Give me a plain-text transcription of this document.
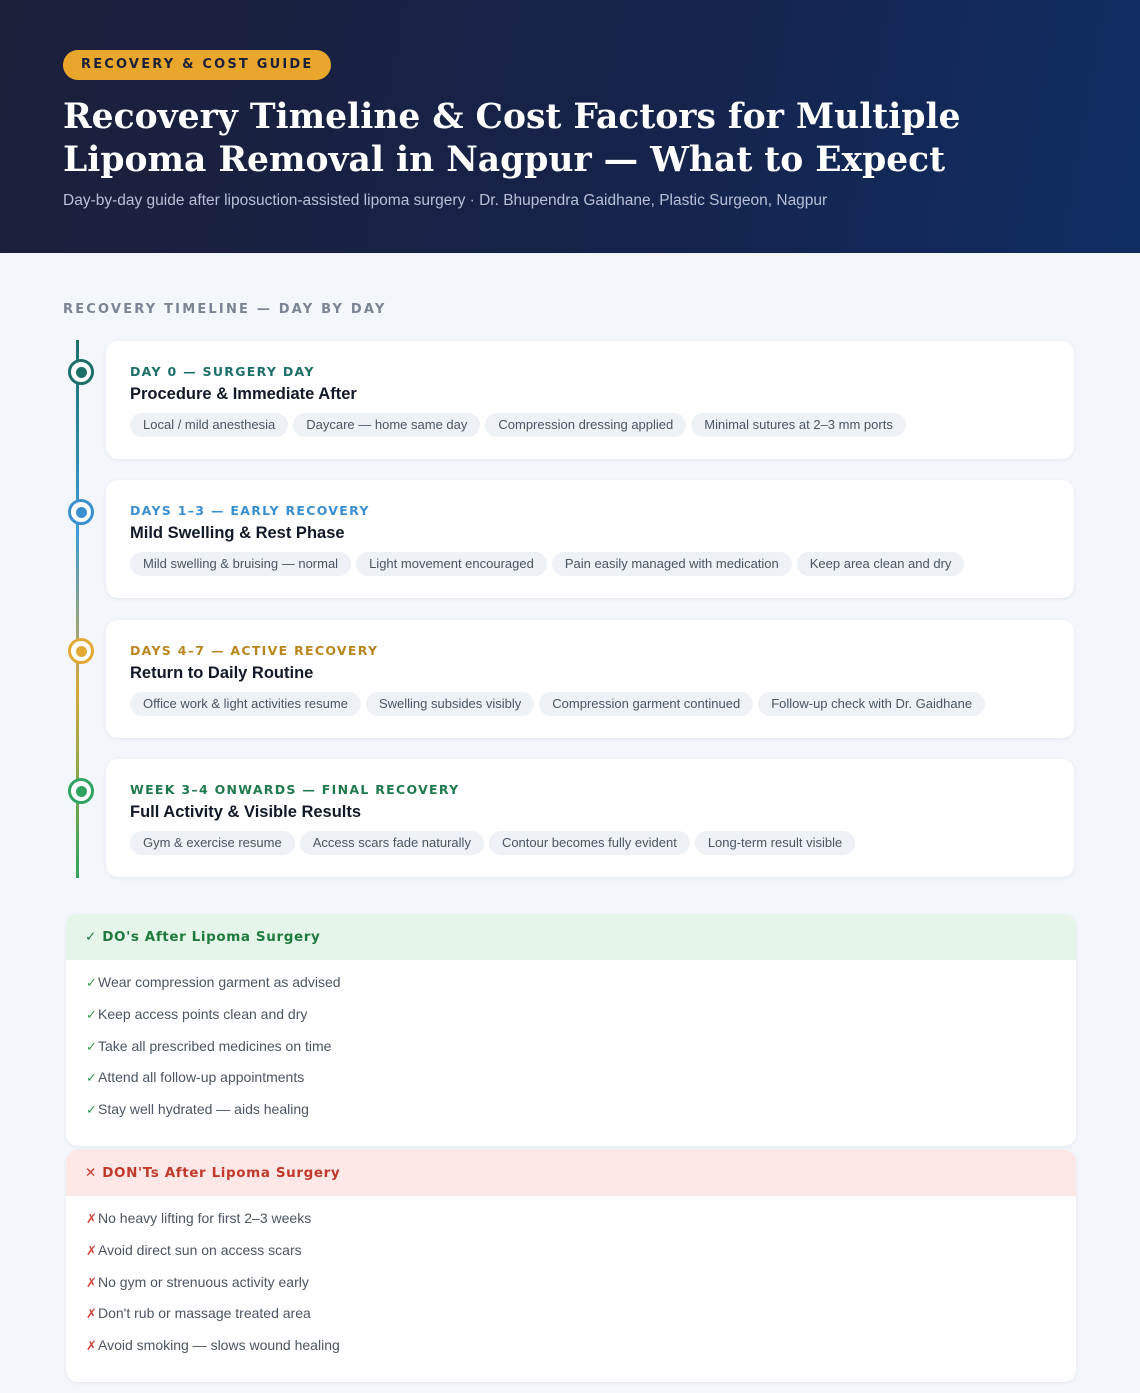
RECOVERY & COST GUIDE
Recovery Timeline & Cost Factors for Multiple Lipoma Removal in Nagpur — What to Expect
Day-by-day guide after liposuction-assisted lipoma surgery · Dr. Bhupendra Gaidhane, Plastic Surgeon, Nagpur
RECOVERY TIMELINE — DAY BY DAY
DAY 0 — SURGERY DAY
Procedure & Immediate After
Local / mild anesthesia	Daycare — home same day	Compression dressing applied	Minimal sutures at 2–3 mm ports
DAYS 1–3 — EARLY RECOVERY
Mild Swelling & Rest Phase
Mild swelling & bruising — normal	Light movement encouraged	Pain easily managed with medication	Keep area clean and dry
DAYS 4–7 — ACTIVE RECOVERY
Return to Daily Routine
Office work & light activities resume	Swelling subsides visibly	Compression garment continued	Follow-up check with Dr. Gaidhane
WEEK 3–4 ONWARDS — FINAL RECOVERY
Full Activity & Visible Results
Gym & exercise resume	Access scars fade naturally	Contour becomes fully evident	Long-term result visible
✓ DO's After Lipoma Surgery
✓ Wear compression garment as advised
✓ Keep access points clean and dry
✓ Take all prescribed medicines on time
✓ Attend all follow-up appointments
✓ Stay well hydrated — aids healing
✕ DON'Ts After Lipoma Surgery
✗ No heavy lifting for first 2–3 weeks
✗ Avoid direct sun on access scars
✗ No gym or strenuous activity early
✗ Don't rub or massage treated area
✗ Avoid smoking — slows wound healing
